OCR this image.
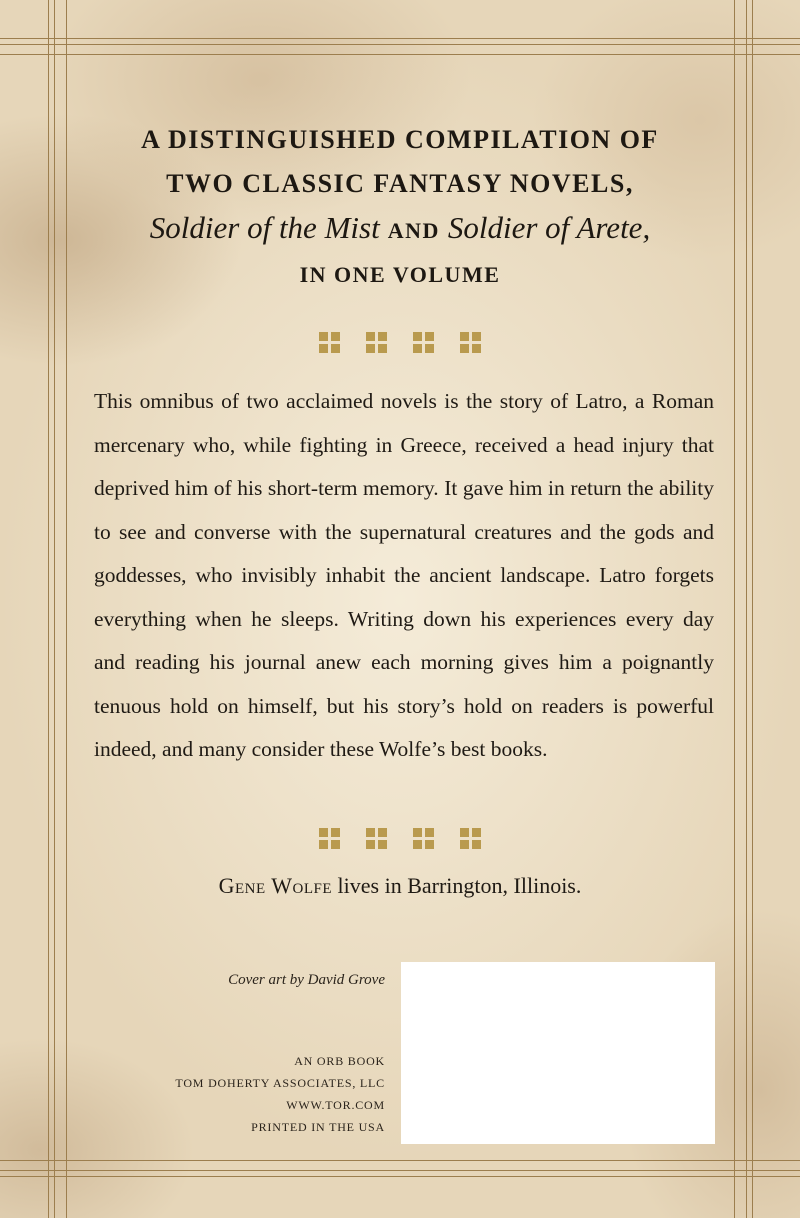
A DISTINGUISHED COMPILATION OF
TWO CLASSIC FANTASY NOVELS,
Soldier of the Mist AND Soldier of Arete,
IN ONE VOLUME

This omnibus of two acclaimed novels is the story of Latro, a Roman mercenary who, while fighting in Greece, received a head injury that deprived him of his short-term memory. It gave him in return the ability to see and converse with the supernatural creatures and the gods and goddesses, who invisibly inhabit the ancient landscape. Latro forgets everything when he sleeps. Writing down his experiences every day and reading his journal anew each morning gives him a poignantly tenuous hold on himself, but his story’s hold on readers is powerful indeed, and many consider these Wolfe’s best books.

Gene Wolfe lives in Barrington, Illinois.
Cover art by David Grove
AN ORB BOOK
TOM DOHERTY ASSOCIATES, LLC
WWW.TOR.COM
PRINTED IN THE USA
